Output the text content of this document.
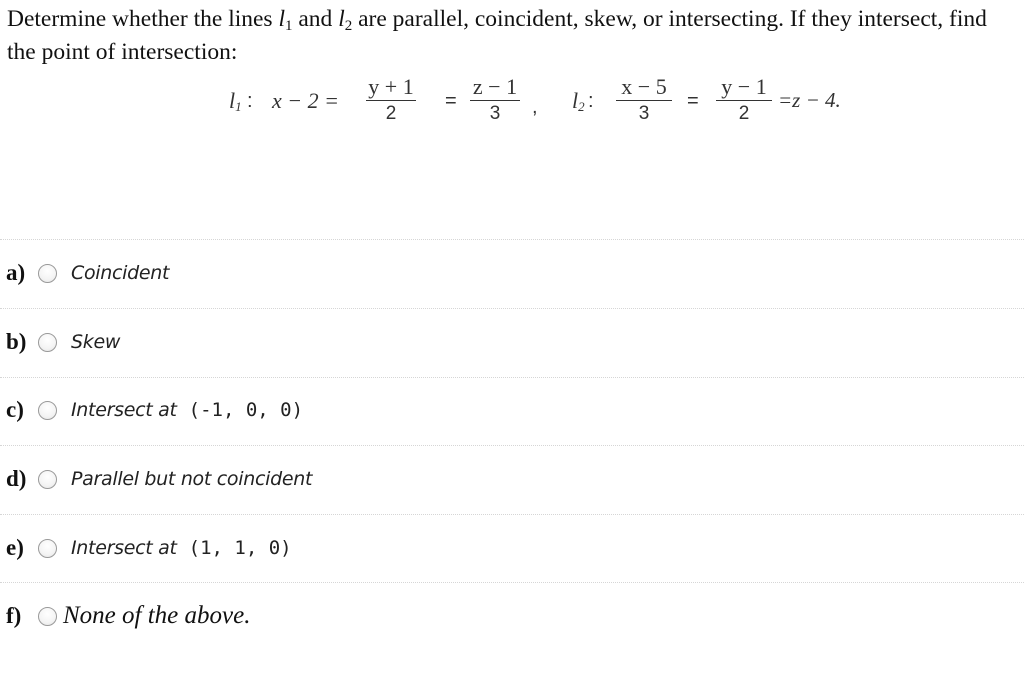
Determine whether the lines $l_1$ and $l_2$ are parallel, coincident, skew, or intersecting. If they intersect, find the point of intersection:
$l_1$ : x − 2 =
y + 1
2
=
z − 1
3	, $l_2$ :
x − 5
3
=
y − 1
2
=z − 4.
a)	Coincident
b)	Skew
c)	Intersect at (-1, 0, 0)
d)	Parallel but not coincident
e)	Intersect at (1, 1, 0)
f)	None of the above.
